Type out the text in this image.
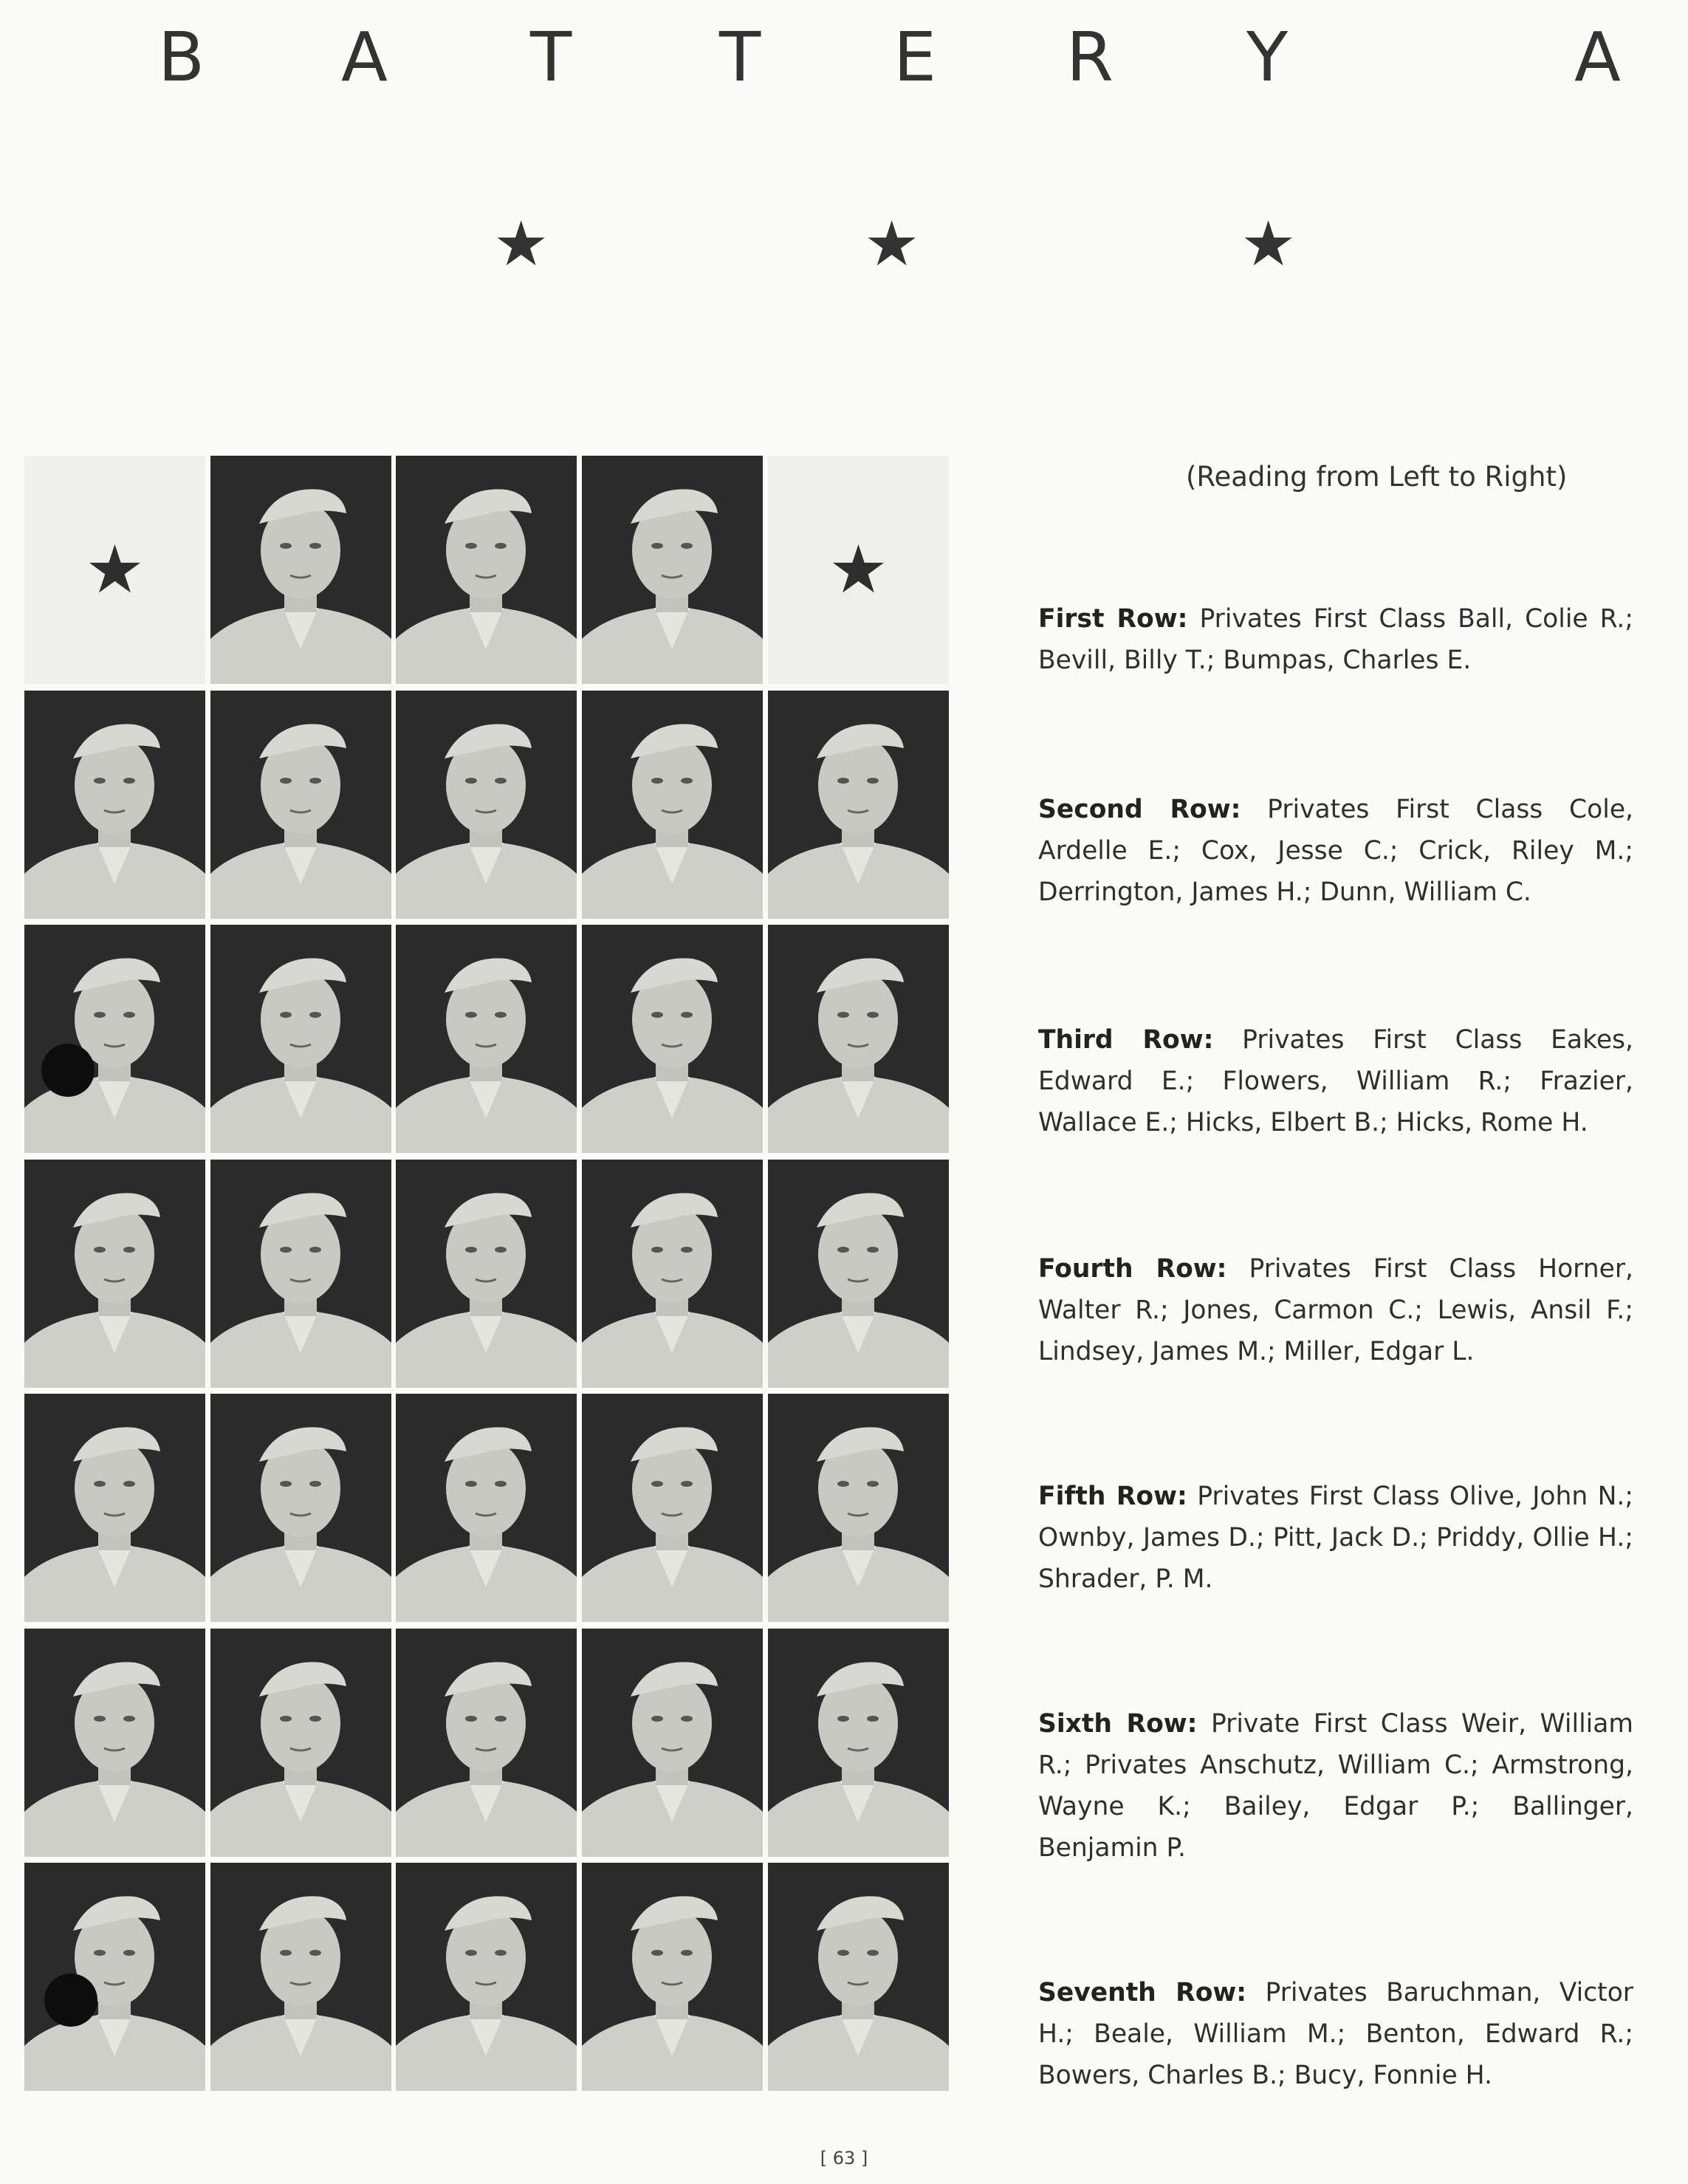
B A T T E R Y	A
★	★	★
★	★
(Reading from Left to Right)
First Row: Privates First Class Ball, Colie R.; Bevill, Billy T.; Bumpas, Charles E.
Second Row: Privates First Class Cole, Ardelle E.; Cox, Jesse C.; Crick, Riley M.; Derrington, James H.; Dunn, William C.
Third Row: Privates First Class Eakes, Edward E.; Flowers, William R.; Frazier, Wallace E.; Hicks, Elbert B.; Hicks, Rome H.
Fourth Row: Privates First Class Horner, Walter R.; Jones, Carmon C.; Lewis, Ansil F.; Lindsey, James M.; Miller, Edgar L.
Fifth Row: Privates First Class Olive, John N.; Ownby, James D.; Pitt, Jack D.; Priddy, Ollie H.; Shrader, P. M.
Sixth Row: Private First Class Weir, William R.; Privates Anschutz, William C.; Armstrong, Wayne K.; Bailey, Edgar P.; Ballinger, Benjamin P.
Seventh Row: Privates Baruchman, Victor H.; Beale, William M.; Benton, Edward R.; Bowers, Charles B.; Bucy, Fonnie H.
[ 63 ]
